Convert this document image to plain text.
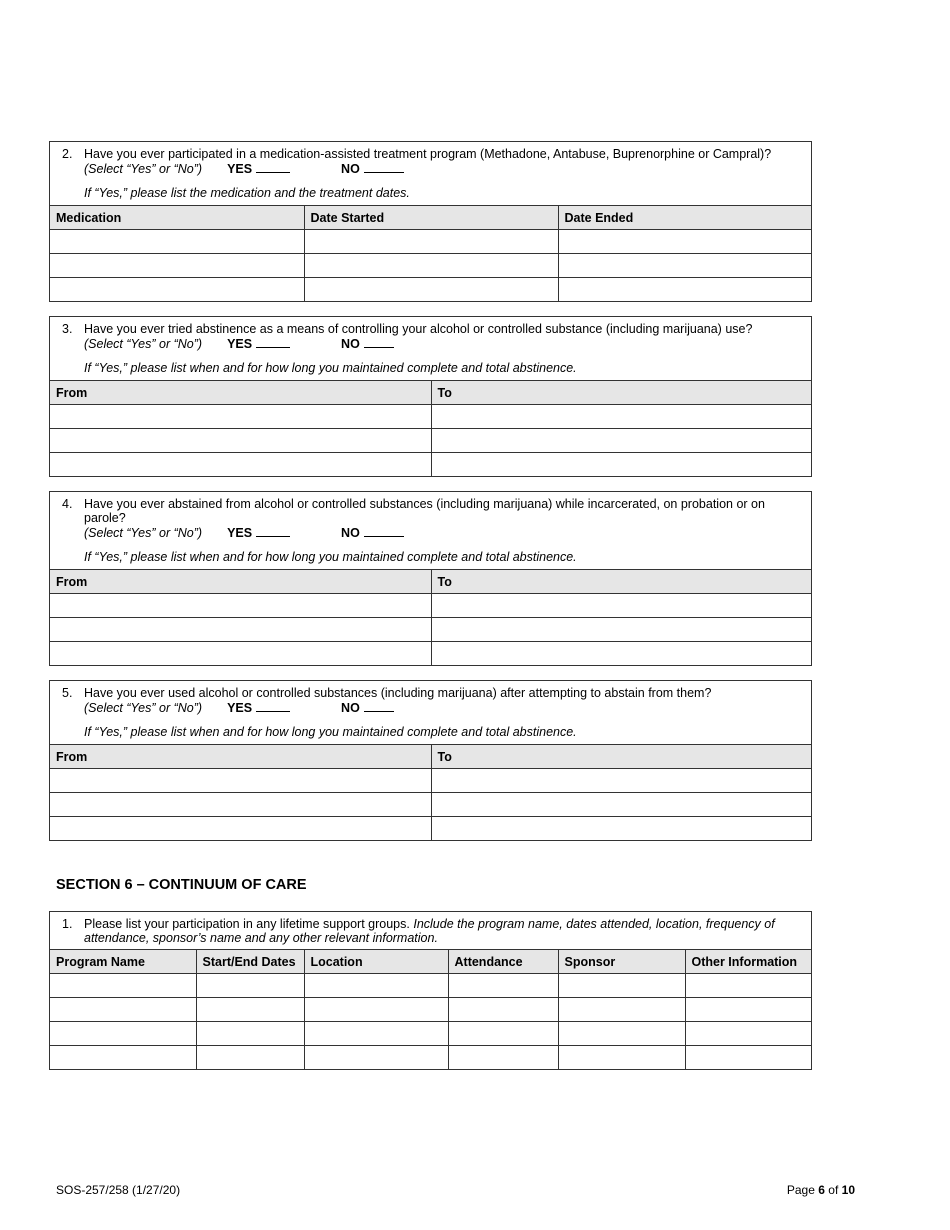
2. Have you ever participated in a medication-assisted treatment program (Methadone, Antabuse, Buprenorphine or Campral)?
(Select “Yes” or “No”) YES	NO
If “Yes,” please list the medication and the treatment dates.
Medication	Date Started	Date Ended

3. Have you ever tried abstinence as a means of controlling your alcohol or controlled substance (including marijuana) use?
(Select “Yes” or “No”) YES	NO
If “Yes,” please list when and for how long you maintained complete and total abstinence.
From	To

4. Have you ever abstained from alcohol or controlled substances (including marijuana) while incarcerated, on probation or on parole?
(Select “Yes” or “No”) YES	NO
If “Yes,” please list when and for how long you maintained complete and total abstinence.
From	To

5. Have you ever used alcohol or controlled substances (including marijuana) after attempting to abstain from them?
(Select “Yes” or “No”) YES	NO
If “Yes,” please list when and for how long you maintained complete and total abstinence.
From	To

SECTION 6 – CONTINUUM OF CARE
1. Please list your participation in any lifetime support groups. Include the program name, dates attended, location, frequency of attendance, sponsor’s name and any other relevant information.
Program Name	Start/End Dates	Location	Attendance	Sponsor	Other Information

SOS-257/258 (1/27/20)	Page 6 of 10
